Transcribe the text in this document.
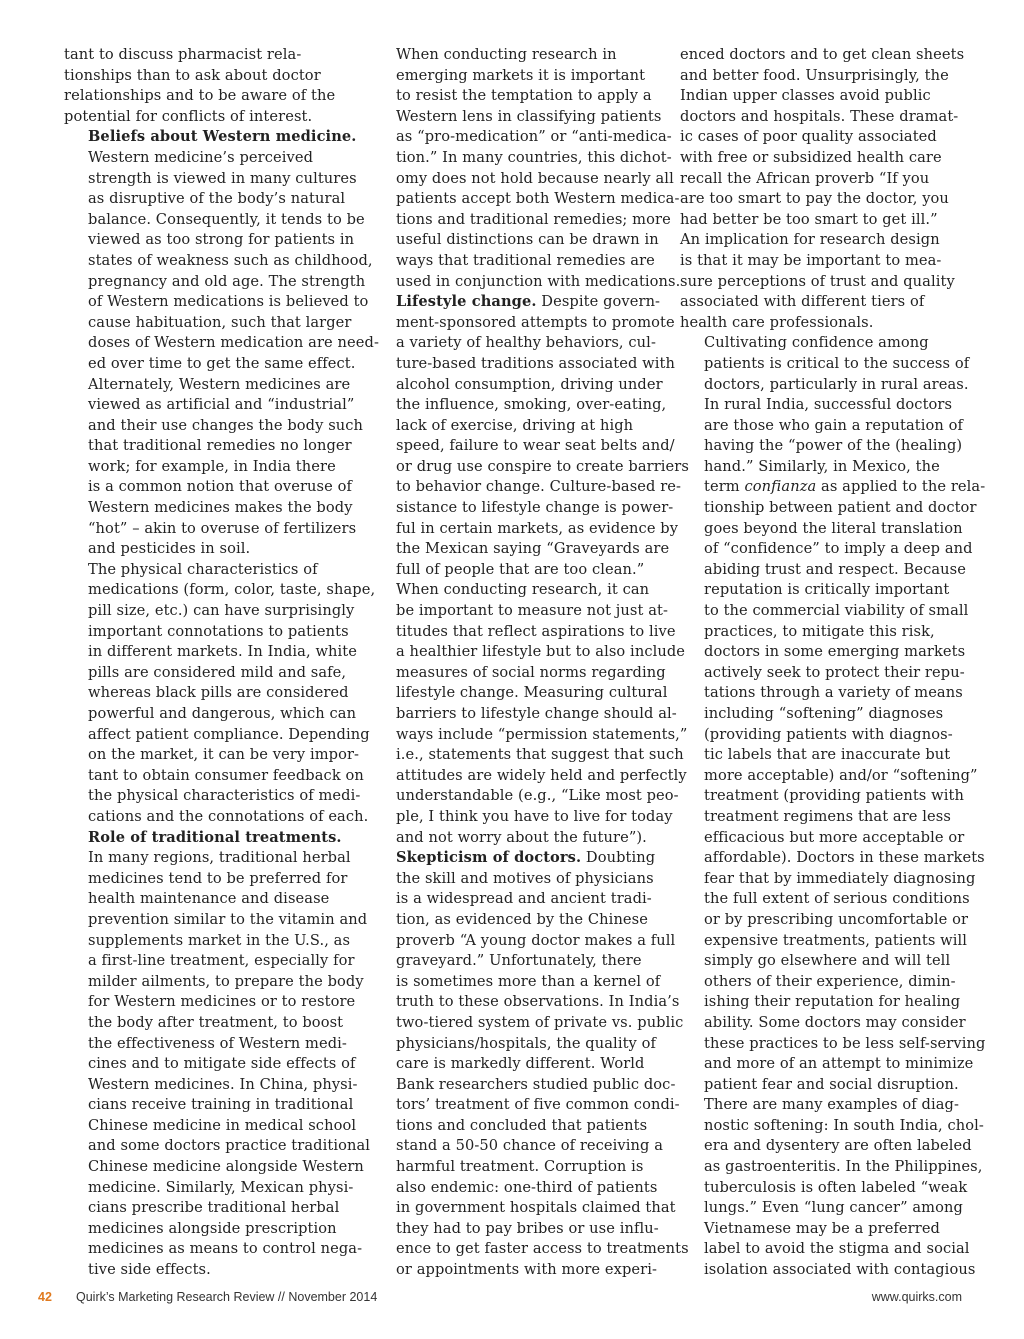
tant to discuss pharmacist rela-
tionships than to ask about doctor
relationships and to be aware of the
potential for conflicts of interest.

Beliefs about Western medicine.
Western medicine’s perceived
strength is viewed in many cultures
as disruptive of the body’s natural
balance. Consequently, it tends to be
viewed as too strong for patients in
states of weakness such as childhood,
pregnancy and old age. The strength
of Western medications is believed to
cause habituation, such that larger
doses of Western medication are need-
ed over time to get the same effect.
Alternately, Western medicines are
viewed as artificial and “industrial”
and their use changes the body such
that traditional remedies no longer
work; for example, in India there
is a common notion that overuse of
Western medicines makes the body
“hot” – akin to overuse of fertilizers
and pesticides in soil.

The physical characteristics of
medications (form, color, taste, shape,
pill size, etc.) can have surprisingly
important connotations to patients
in different markets. In India, white
pills are considered mild and safe,
whereas black pills are considered
powerful and dangerous, which can
affect patient compliance. Depending
on the market, it can be very impor-
tant to obtain consumer feedback on
the physical characteristics of medi-
cations and the connotations of each.

Role of traditional treatments.
In many regions, traditional herbal
medicines tend to be preferred for
health maintenance and disease
prevention similar to the vitamin and
supplements market in the U.S., as
a first-line treatment, especially for
milder ailments, to prepare the body
for Western medicines or to restore
the body after treatment, to boost
the effectiveness of Western medi-
cines and to mitigate side effects of
Western medicines. In China, physi-
cians receive training in traditional
Chinese medicine in medical school
and some doctors practice traditional
Chinese medicine alongside Western
medicine. Similarly, Mexican physi-
cians prescribe traditional herbal
medicines alongside prescription
medicines as means to control nega-
tive side effects.

When conducting research in
emerging markets it is important
to resist the temptation to apply a
Western lens in classifying patients
as “pro-medication” or “anti-medica-
tion.” In many countries, this dichot-
omy does not hold because nearly all
patients accept both Western medica-
tions and traditional remedies; more
useful distinctions can be drawn in
ways that traditional remedies are
used in conjunction with medications.

Lifestyle change. Despite govern-
ment-sponsored attempts to promote
a variety of healthy behaviors, cul-
ture-based traditions associated with
alcohol consumption, driving under
the influence, smoking, over-eating,
lack of exercise, driving at high
speed, failure to wear seat belts and/
or drug use conspire to create barriers
to behavior change. Culture-based re-
sistance to lifestyle change is power-
ful in certain markets, as evidence by
the Mexican saying “Graveyards are
full of people that are too clean.”

When conducting research, it can
be important to measure not just at-
titudes that reflect aspirations to live
a healthier lifestyle but to also include
measures of social norms regarding
lifestyle change. Measuring cultural
barriers to lifestyle change should al-
ways include “permission statements,”
i.e., statements that suggest that such
attitudes are widely held and perfectly
understandable (e.g., “Like most peo-
ple, I think you have to live for today
and not worry about the future”).

Skepticism of doctors. Doubting
the skill and motives of physicians
is a widespread and ancient tradi-
tion, as evidenced by the Chinese
proverb “A young doctor makes a full
graveyard.” Unfortunately, there
is sometimes more than a kernel of
truth to these observations. In India’s
two-tiered system of private vs. public
physicians/hospitals, the quality of
care is markedly different. World
Bank researchers studied public doc-
tors’ treatment of five common condi-
tions and concluded that patients
stand a 50-50 chance of receiving a
harmful treatment. Corruption is
also endemic: one-third of patients
in government hospitals claimed that
they had to pay bribes or use influ-
ence to get faster access to treatments
or appointments with more experi-

enced doctors and to get clean sheets
and better food. Unsurprisingly, the
Indian upper classes avoid public
doctors and hospitals. These dramat-
ic cases of poor quality associated
with free or subsidized health care
recall the African proverb “If you
are too smart to pay the doctor, you
had better be too smart to get ill.”
An implication for research design
is that it may be important to mea-
sure perceptions of trust and quality
associated with different tiers of
health care professionals.

Cultivating confidence among
patients is critical to the success of
doctors, particularly in rural areas.
In rural India, successful doctors
are those who gain a reputation of
having the “power of the (healing)
hand.” Similarly, in Mexico, the
term confianza as applied to the rela-
tionship between patient and doctor
goes beyond the literal translation
of “confidence” to imply a deep and
abiding trust and respect. Because
reputation is critically important
to the commercial viability of small
practices, to mitigate this risk,
doctors in some emerging markets
actively seek to protect their repu-
tations through a variety of means
including “softening” diagnoses
(providing patients with diagnos-
tic labels that are inaccurate but
more acceptable) and/or “softening”
treatment (providing patients with
treatment regimens that are less
efficacious but more acceptable or
affordable). Doctors in these markets
fear that by immediately diagnosing
the full extent of serious conditions
or by prescribing uncomfortable or
expensive treatments, patients will
simply go elsewhere and will tell
others of their experience, dimin-
ishing their reputation for healing
ability. Some doctors may consider
these practices to be less self-serving
and more of an attempt to minimize
patient fear and social disruption.

There are many examples of diag-
nostic softening: In south India, chol-
era and dysentery are often labeled
as gastroenteritis. In the Philippines,
tuberculosis is often labeled “weak
lungs.” Even “lung cancer” among
Vietnamese may be a preferred
label to avoid the stigma and social
isolation associated with contagious

42 Quirk’s Marketing Research Review // November 2014	www.quirks.com
